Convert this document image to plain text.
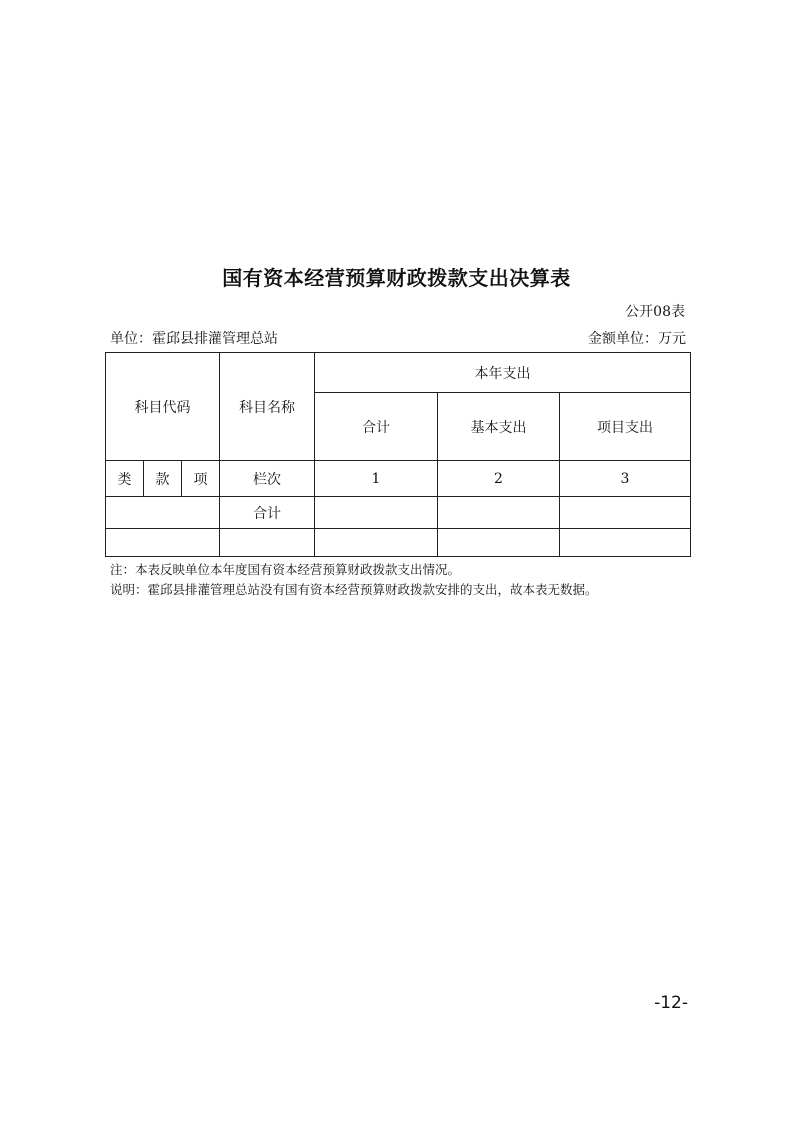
国有资本经营预算财政拨款支出决算表
公开08表
单位：霍邱县排灌管理总站	金额单位：万元
科目代码			科目名称	本年支出		
				合计	基本支出	项目支出
类	款	项	栏次	1	2	3
			合计			

注：本表反映单位本年度国有资本经营预算财政拨款支出情况。
说明：霍邱县排灌管理总站没有国有资本经营预算财政拨款安排的支出，故本表无数据。
-12-
